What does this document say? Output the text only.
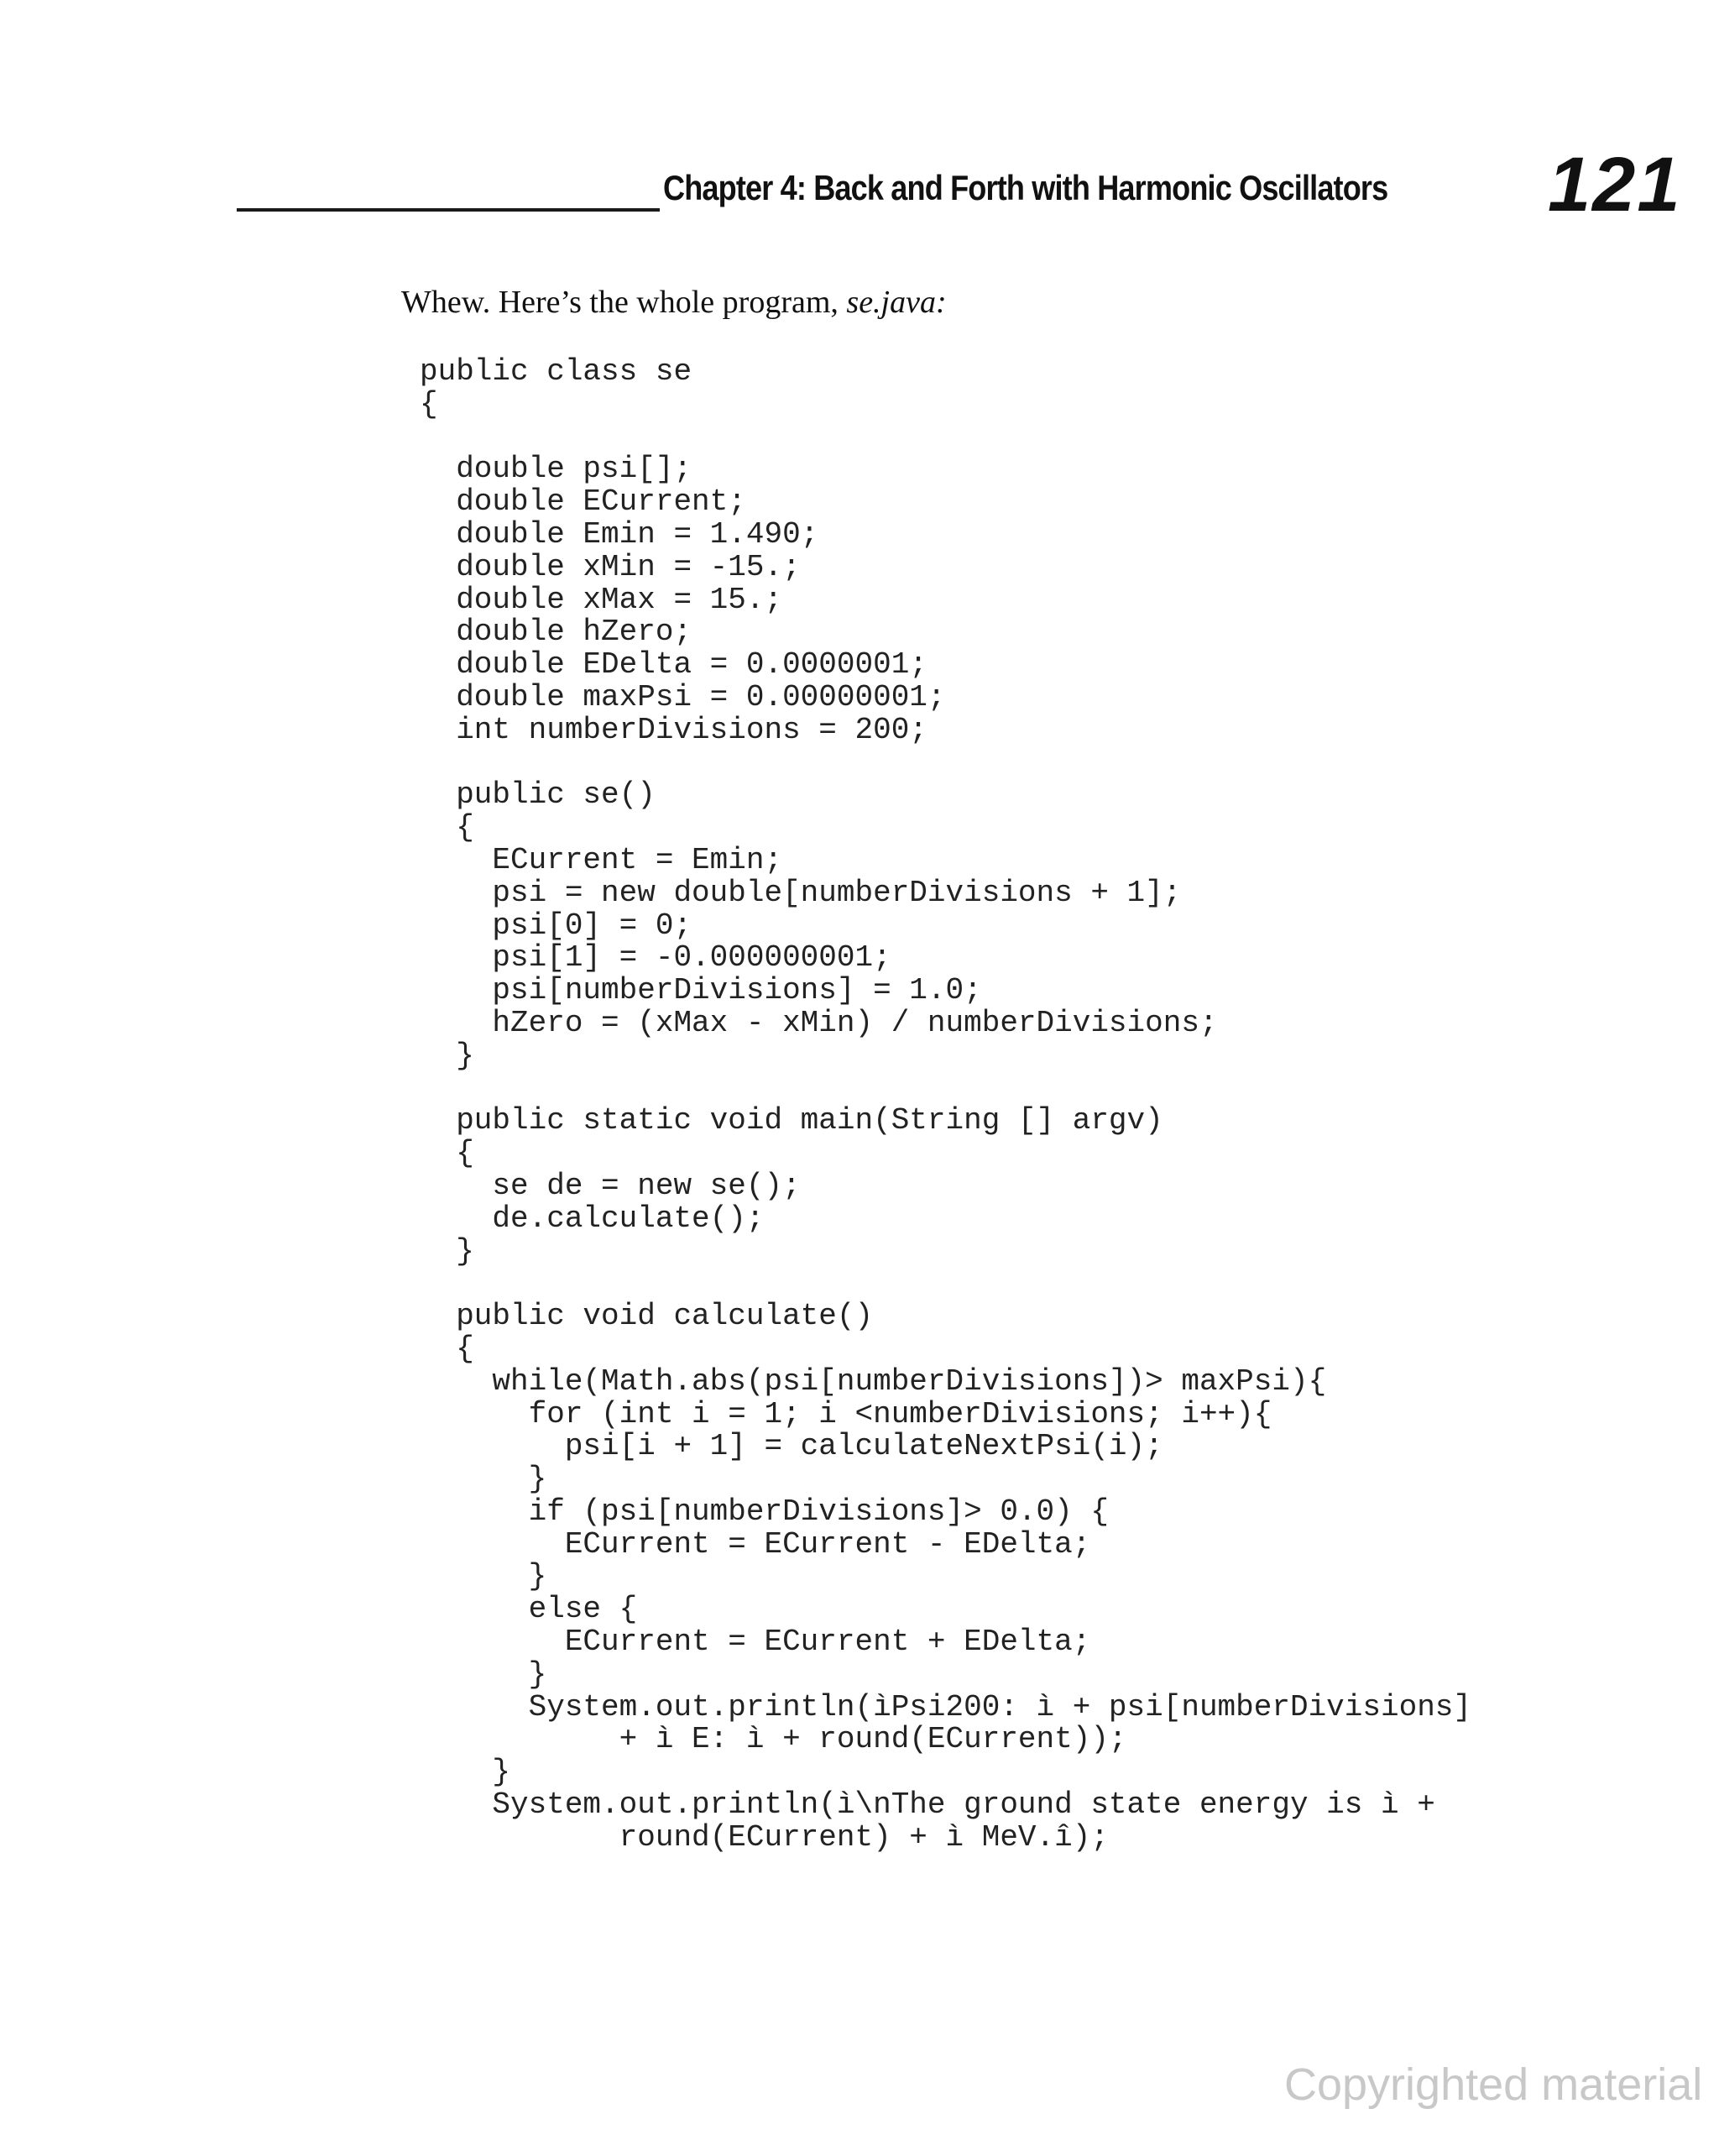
Chapter 4: Back and Forth with Harmonic Oscillators 121
Whew. Here’s the whole program, se.java:
public class se
{
double psi[];
double ECurrent;
double Emin = 1.490;
double xMin = -15.;
double xMax = 15.;
double hZero;
double EDelta = 0.0000001;
double maxPsi = 0.00000001;
int numberDivisions = 200;
public se()
{
ECurrent = Emin;
psi = new double[numberDivisions + 1];
psi[0] = 0;
psi[1] = -0.000000001;
psi[numberDivisions] = 1.0;
hZero = (xMax - xMin) / numberDivisions;
}
public static void main(String [] argv)
{
se de = new se();
de.calculate();
}
public void calculate()
{
while(Math.abs(psi[numberDivisions])> maxPsi){
for (int i = 1; i <numberDivisions; i++){
psi[i + 1] = calculateNextPsi(i);
}
if (psi[numberDivisions]> 0.0) {
ECurrent = ECurrent - EDelta;
}
else {
ECurrent = ECurrent + EDelta;
}
System.out.println(ìPsi200: ì + psi[numberDivisions]
+ ì E: ì + round(ECurrent));
}
System.out.println(ì\nThe ground state energy is ì +
round(ECurrent) + ì MeV.î);
Copyrighted material
